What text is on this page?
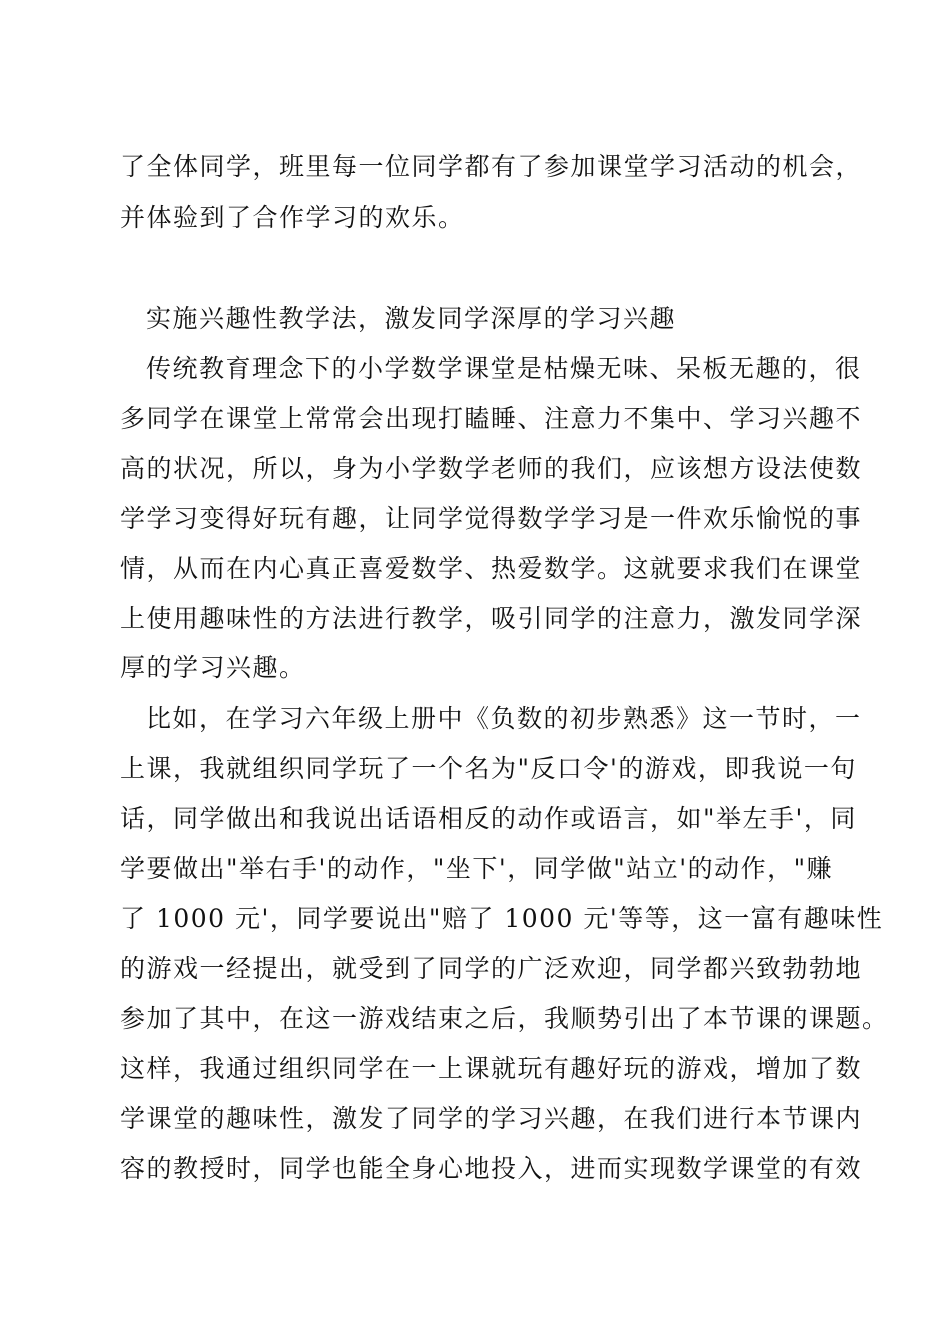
了全体同学，班里每一位同学都有了参加课堂学习活动的机会，
并体验到了合作学习的欢乐。
实施兴趣性教学法，激发同学深厚的学习兴趣
传统教育理念下的小学数学课堂是枯燥无味、呆板无趣的，很
多同学在课堂上常常会出现打瞌睡、注意力不集中、学习兴趣不
高的状况，所以，身为小学数学老师的我们，应该想方设法使数
学学习变得好玩有趣，让同学觉得数学学习是一件欢乐愉悦的事
情，从而在内心真正喜爱数学、热爱数学。这就要求我们在课堂
上使用趣味性的方法进行教学，吸引同学的注意力，激发同学深
厚的学习兴趣。
比如，在学习六年级上册中《负数的初步熟悉》这一节时，一
上课，我就组织同学玩了一个名为"反口令'的游戏，即我说一句
话，同学做出和我说出话语相反的动作或语言，如"举左手'，同
学要做出"举右手'的动作，"坐下'，同学做"站立'的动作，"赚
了 1000 元'，同学要说出"赔了 1000 元'等等，这一富有趣味性
的游戏一经提出，就受到了同学的广泛欢迎，同学都兴致勃勃地
参加了其中，在这一游戏结束之后，我顺势引出了本节课的课题。
这样，我通过组织同学在一上课就玩有趣好玩的游戏，增加了数
学课堂的趣味性，激发了同学的学习兴趣，在我们进行本节课内
容的教授时，同学也能全身心地投入，进而实现数学课堂的有效
